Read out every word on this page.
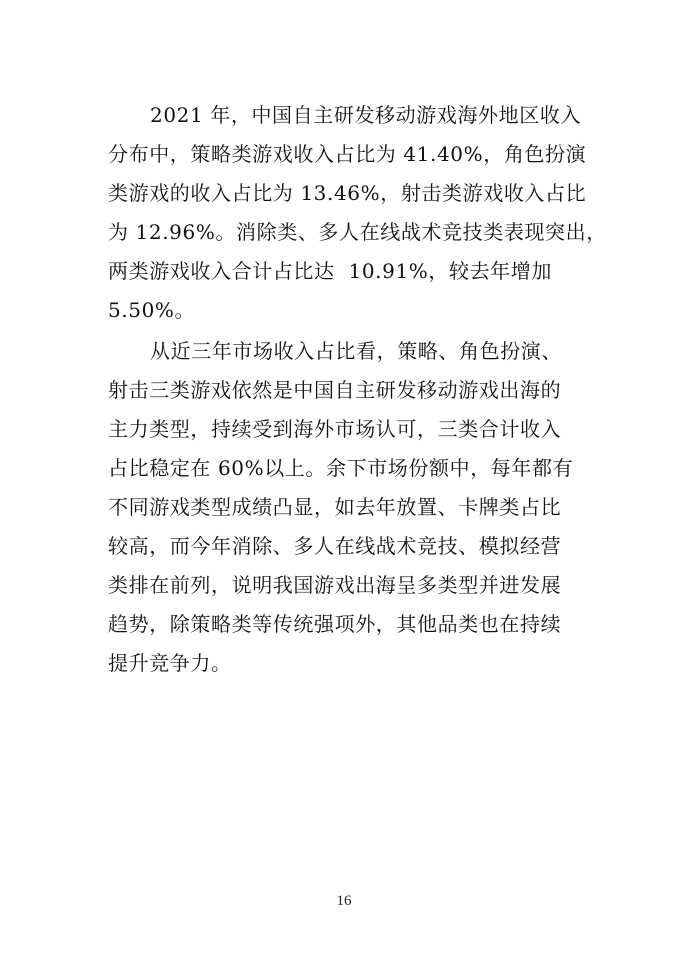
2021 年，中国自主研发移动游戏海外地区收入
分布中，策略类游戏收入占比为 41.40%，角色扮演
类游戏的收入占比为 13.46%，射击类游戏收入占比
为 12.96%。消除类、多人在线战术竞技类表现突出，
两类游戏收入合计占比达  10.91%，较去年增加
5.50%。
从近三年市场收入占比看，策略、角色扮演、
射击三类游戏依然是中国自主研发移动游戏出海的
主力类型，持续受到海外市场认可，三类合计收入
占比稳定在 60%以上。余下市场份额中，每年都有
不同游戏类型成绩凸显，如去年放置、卡牌类占比
较高，而今年消除、多人在线战术竞技、模拟经营
类排在前列，说明我国游戏出海呈多类型并进发展
趋势，除策略类等传统强项外，其他品类也在持续
提升竞争力。
16
